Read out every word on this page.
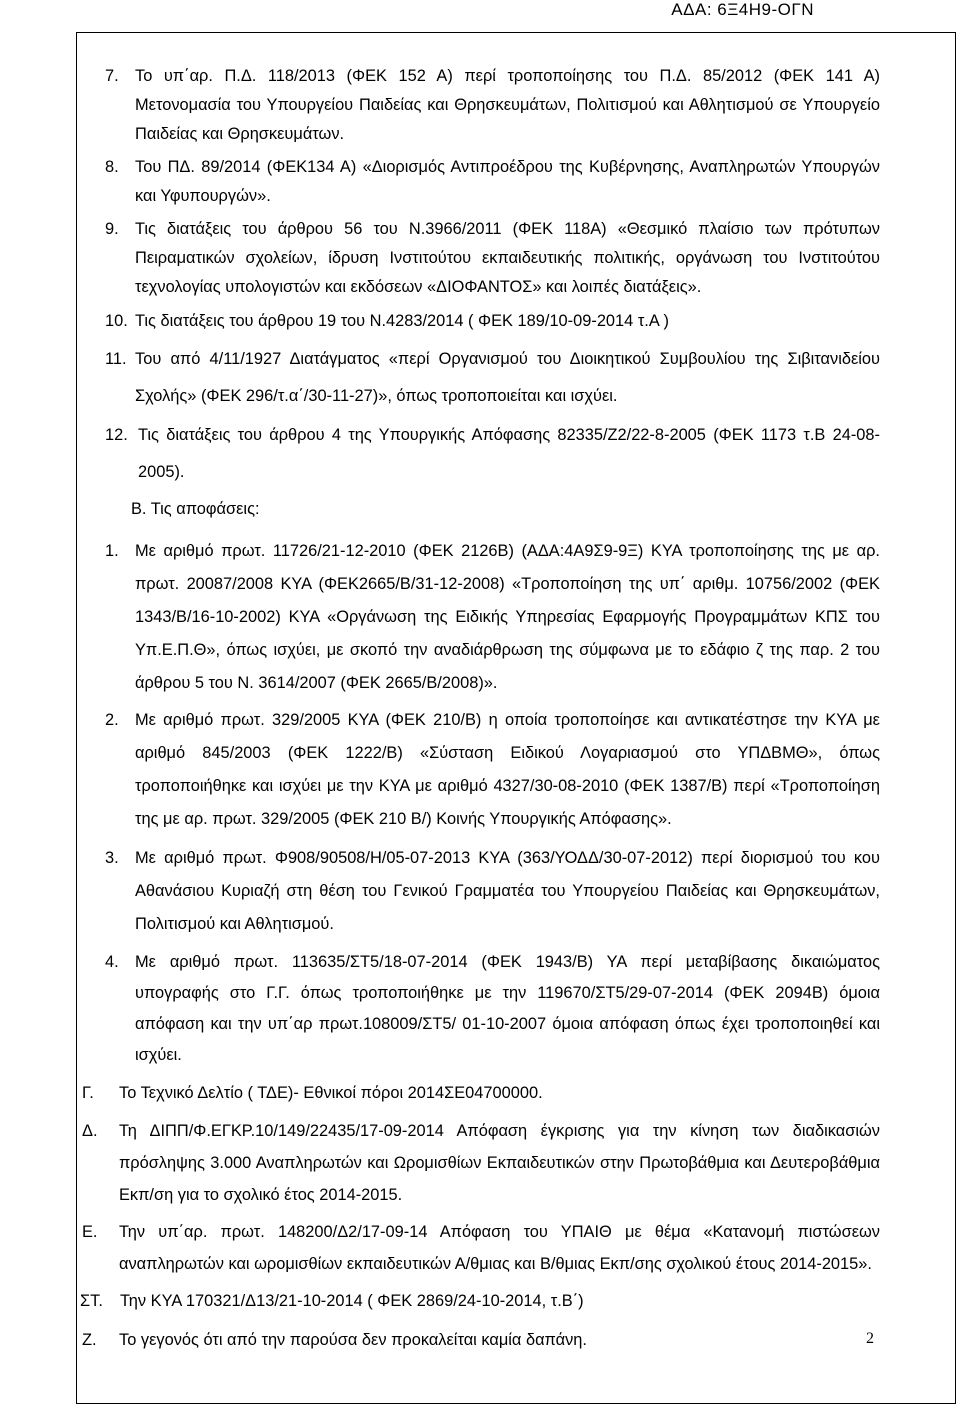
ΑΔΑ: 6Ξ4Η9-ΟΓΝ
7. Το υπ΄αρ. Π.Δ. 118/2013 (ΦΕΚ 152 Α) περί τροποποίησης του Π.Δ. 85/2012 (ΦΕΚ 141 Α) Μετονομασία του Υπουργείου Παιδείας και Θρησκευμάτων, Πολιτισμού και Αθλητισμού σε Υπουργείο Παιδείας και Θρησκευμάτων.
8. Του ΠΔ. 89/2014 (ΦΕΚ134 Α) «Διορισμός Αντιπροέδρου της Κυβέρνησης, Αναπληρωτών Υπουργών και Υφυπουργών».
9. Τις διατάξεις του άρθρου 56 του Ν.3966/2011 (ΦΕΚ 118Α) «Θεσμικό πλαίσιο των πρότυπων Πειραματικών σχολείων, ίδρυση Ινστιτούτου εκπαιδευτικής πολιτικής, οργάνωση του Ινστιτούτου τεχνολογίας υπολογιστών και εκδόσεων «ΔΙΟΦΑΝΤΟΣ» και λοιπές διατάξεις».
10. Τις διατάξεις του άρθρου 19 του Ν.4283/2014 ( ΦΕΚ 189/10-09-2014 τ.Α )
11. Του από 4/11/1927 Διατάγματος «περί Οργανισμού του Διοικητικού Συμβουλίου της Σιβιτανιδείου Σχολής» (ΦΕΚ 296/τ.α΄/30-11-27)», όπως τροποποιείται και ισχύει.
12. Τις διατάξεις του άρθρου 4 της Υπουργικής Απόφασης 82335/Ζ2/22-8-2005 (ΦΕΚ 1173 τ.Β 24-08-2005).
Β. Τις αποφάσεις:
1. Με αριθμό πρωτ. 11726/21-12-2010 (ΦΕΚ 2126Β) (ΑΔΑ:4Α9Σ9-9Ξ) ΚΥΑ τροποποίησης της με αρ. πρωτ. 20087/2008 ΚΥΑ (ΦΕΚ2665/Β/31-12-2008) «Τροποποίηση της υπ΄ αριθμ. 10756/2002 (ΦΕΚ 1343/Β/16-10-2002) ΚΥΑ «Οργάνωση της Ειδικής Υπηρεσίας Εφαρμογής Προγραμμάτων ΚΠΣ του Υπ.Ε.Π.Θ», όπως ισχύει, με σκοπό την αναδιάρθρωση της σύμφωνα με το εδάφιο ζ της παρ. 2 του άρθρου 5 του Ν. 3614/2007 (ΦΕΚ 2665/Β/2008)».
2. Με αριθμό πρωτ. 329/2005 ΚΥΑ (ΦΕΚ 210/Β) η οποία τροποποίησε και αντικατέστησε την ΚΥΑ με αριθμό 845/2003 (ΦΕΚ 1222/Β) «Σύσταση Ειδικού Λογαριασμού στο ΥΠΔΒΜΘ», όπως τροποποιήθηκε και ισχύει με την ΚΥΑ με αριθμό 4327/30-08-2010 (ΦΕΚ 1387/Β) περί «Τροποποίηση της με αρ. πρωτ. 329/2005 (ΦΕΚ 210 Β/) Κοινής Υπουργικής Απόφασης».
3. Με αριθμό πρωτ. Φ908/90508/Η/05-07-2013 ΚΥΑ (363/ΥΟΔΔ/30-07-2012) περί διορισμού του κου Αθανάσιου Κυριαζή στη θέση του Γενικού Γραμματέα του Υπουργείου Παιδείας και Θρησκευμάτων, Πολιτισμού και Αθλητισμού.
4. Με αριθμό πρωτ. 113635/ΣΤ5/18-07-2014 (ΦΕΚ 1943/Β) ΥΑ περί μεταβίβασης δικαιώματος υπογραφής στο Γ.Γ. όπως τροποποιήθηκε με την 119670/ΣΤ5/29-07-2014 (ΦΕΚ 2094Β) όμοια απόφαση και την υπ΄αρ πρωτ.108009/ΣΤ5/ 01-10-2007 όμοια απόφαση όπως έχει τροποποιηθεί και ισχύει.
Γ. Το Τεχνικό Δελτίο ( ΤΔΕ)- Εθνικοί πόροι 2014ΣΕ04700000.
Δ. Τη ΔΙΠΠ/Φ.ΕΓΚΡ.10/149/22435/17-09-2014 Απόφαση έγκρισης για την κίνηση των διαδικασιών πρόσληψης 3.000 Αναπληρωτών και Ωρομισθίων Εκπαιδευτικών στην Πρωτοβάθμια και Δευτεροβάθμια Εκπ/ση για το σχολικό έτος 2014-2015.
Ε. Την υπ΄αρ. πρωτ. 148200/Δ2/17-09-14 Απόφαση του ΥΠΑΙΘ με θέμα «Κατανομή πιστώσεων αναπληρωτών και ωρομισθίων εκπαιδευτικών Α/θμιας και Β/θμιας Εκπ/σης σχολικού έτους 2014-2015».
ΣΤ. Την ΚΥΑ 170321/Δ13/21-10-2014 ( ΦΕΚ 2869/24-10-2014, τ.Β΄)
Ζ. Το γεγονός ότι από την παρούσα δεν προκαλείται καμία δαπάνη.	2
